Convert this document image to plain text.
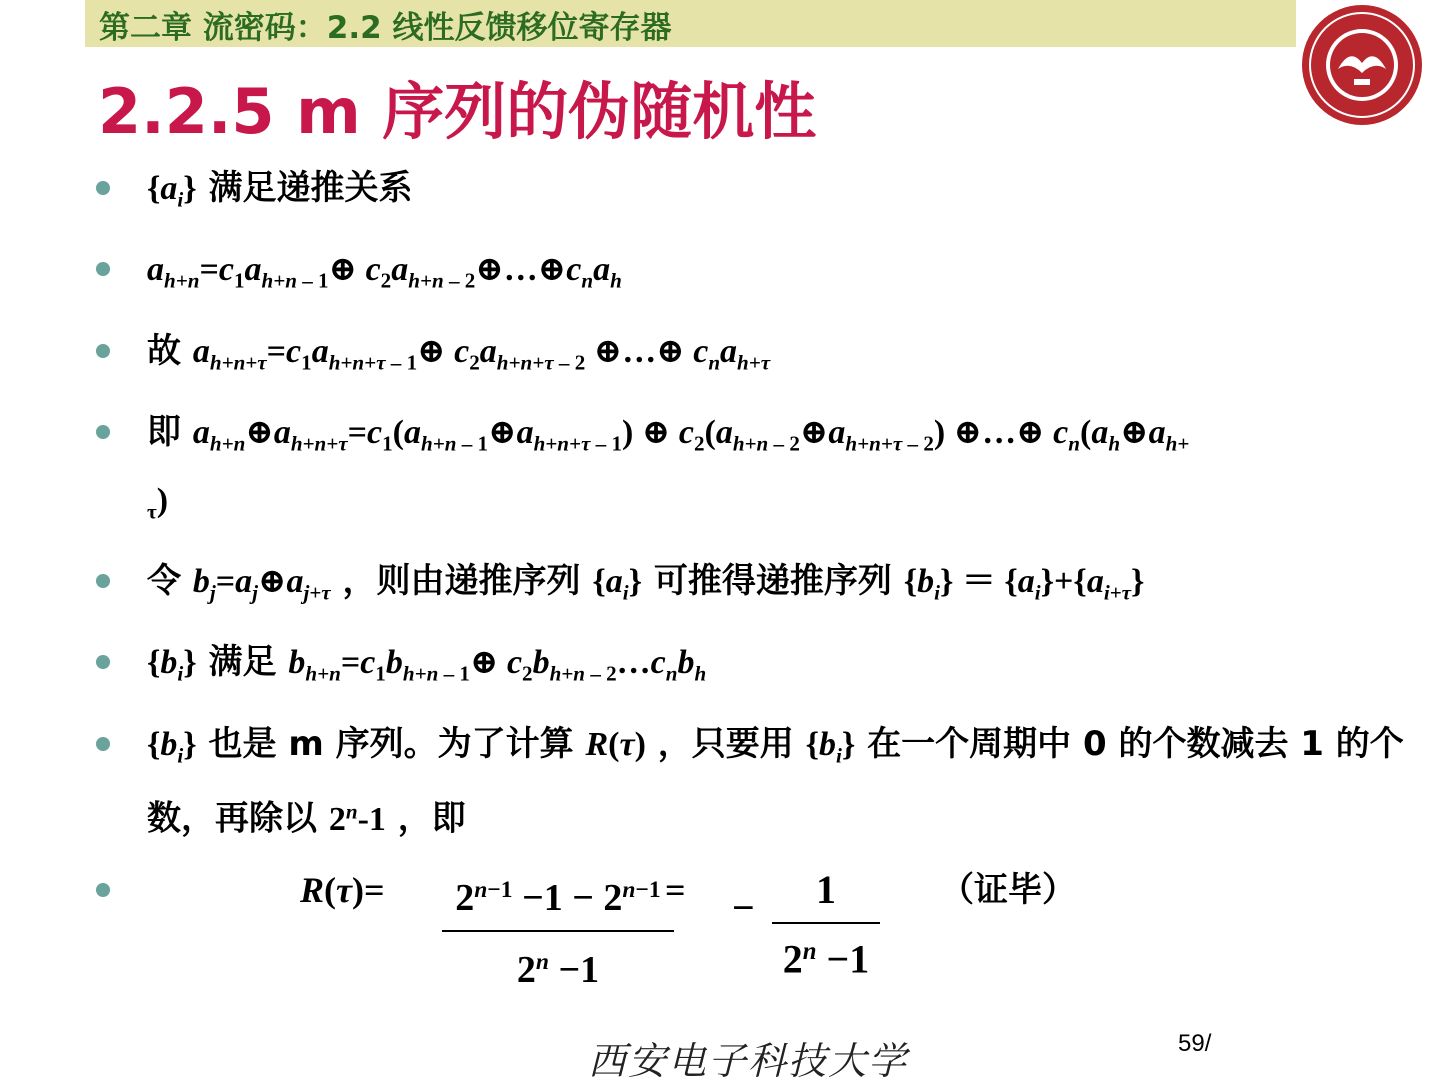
第二章 流密码：2.2 线性反馈移位寄存器
2.2.5 m 序列的伪随机性
$\{a_i\}$ 满足递推关系
$a_{h+n}=c_1a_{h+n}$ $_{- 1}$⊕ $c_2a_{h+n}$ $_{- 2}\oplus\dots\oplus c_na_h$
故 $a_{h+n+\tau}=c_1a_{h+n+\tau}$ $_{- 1}$⊕ $c_2a_{h+n+\tau}$ $_{- 2}$ ⊕…⊕ $c_na_{h+\tau}$
即 $a_{h+n}\oplus a_{h+n+\tau}=c_1(a_{h+n}$ $_{- 1}\oplus a_{h+n+\tau}$ $_{- 1}$) ⊕ $c_2(a_{h+n}$ $_{- 2}\oplus a_{h+n+\tau}$ $_{- 2}$) ⊕…⊕ $c_n(a_h\oplus a_{h+}$
$_\tau$)
令 $b_j=a_j\oplus a_{j+\tau}$ ，则由递推序列 $\{a_i\}$ 可推得递推序列 $\{b_i\} = \{a_i\}+\{a_{i+\tau}\}$
$\{b_i\}$ 满足 $b_{h+n}=c_1b_{h+n}$ $_{- 1}$⊕ $c_2b_{h+n}$ $_{- 2}\dots c_nb_h$
$\{b_i\}$ 也是 m 序列。为了计算 R(τ) ，只要用 $\{b_i\}$ 在一个周期中 0 的个数减去 1 的个数，再除以 2$^n$-1 ，即
$R(\tau)= \frac{2^{n-1} -1 - 2^{n-1}}{2^n -1}$
= − $\frac{1}{2^n -1}$ （证毕）
西安电子科技大学	59/
